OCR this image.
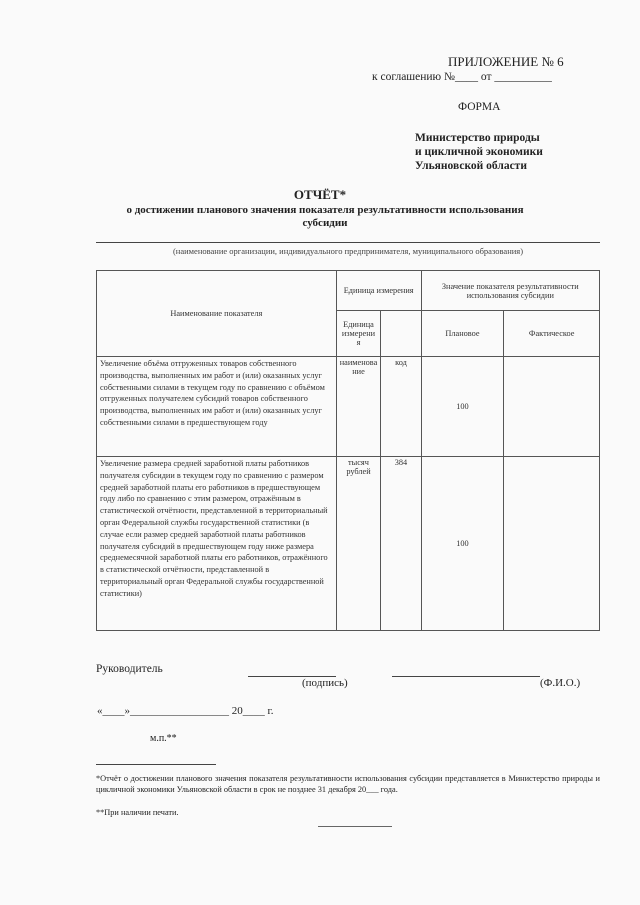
ПРИЛОЖЕНИЕ № 6
к соглашению №____ от __________
ФОРМА
Министерство природы
и цикличной экономики
Ульяновской области
ОТЧЁТ*
о достижении планового значения показателя результативности использования субсидии
(наименование организации, индивидуального предпринимателя, муниципального образования)
Наименование показателя	Единица измерения		Значение показателя результативности использования субсидии	
	Единица измерени я		Плановое	Фактическое
Увеличение объёма отгруженных товаров собственного производства, выполненных им работ и (или) оказанных услуг собственными силами в текущем году по сравнению с объёмом отгруженных получателем субсидий товаров собственного производства, выполненных им работ и (или) оказанных услуг собственными силами в предшествующем году	наименова ние	код	100	
Увеличение размера средней заработной платы работников получателя субсидии в текущем году по сравнению с размером средней заработной платы его работников в предшествующем году либо по сравнению с этим размером, отражённым в статистической отчётности, представленной в территориальный орган Федеральной службы государственной статистики (в случае если размер средней заработной платы работников получателя субсидий в предшествующем году ниже размера среднемесячной заработной платы его работников, отражённого в статистической отчётности, представленной в территориальный орган Федеральной службы государственной статистики)	тысяч рублей	384	100	
Руководитель
(подпись)	(Ф.И.О.)
«____»__________________ 20____ г.
м.п.**
*Отчёт о достижении планового значения показателя результативности использования субсидии представляется в Министерство природы и цикличной экономики Ульяновской области в срок не позднее 31 декабря 20___ года.
**При наличии печати.
